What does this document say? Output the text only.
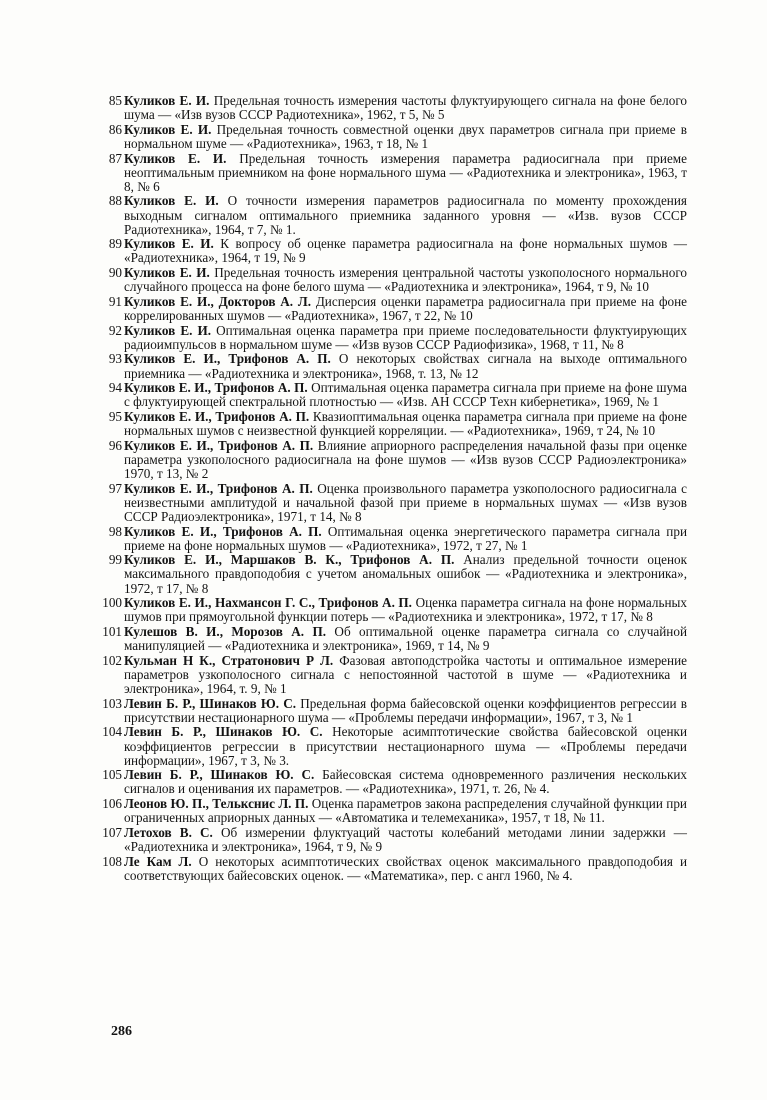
85 Куликов Е. И. Предельная точность измерения частоты флуктуирующего сигнала на фоне белого шума — «Изв вузов СССР Радиотехника», 1962, т 5, № 5
86 Куликов Е. И. Предельная точность совместной оценки двух параметров сигнала при приеме в нормальном шуме — «Радиотехника», 1963, т 18, № 1
87 Куликов Е. И. Предельная точность измерения параметра радиосигнала при приеме неоптимальным приемником на фоне нормального шума — «Радиотехника и электроника», 1963, т 8, № 6
88 Куликов Е. И. О точности измерения параметров радиосигнала по моменту прохождения выходным сигналом оптимального приемника заданного уровня — «Изв. вузов СССР Радиотехника», 1964, т 7, № 1.
89 Куликов Е. И. К вопросу об оценке параметра радиосигнала на фоне нормальных шумов — «Радиотехника», 1964, т 19, № 9
90 Куликов Е. И. Предельная точность измерения центральной частоты узкополосного нормального случайного процесса на фоне белого шума — «Радиотехника и электроника», 1964, т 9, № 10
91 Куликов Е. И., Докторов А. Л. Дисперсия оценки параметра радиосигнала при приеме на фоне коррелированных шумов — «Радиотехника», 1967, т 22, № 10
92 Куликов Е. И. Оптимальная оценка параметра при приеме последовательности флуктуирующих радиоимпульсов в нормальном шуме — «Изв вузов СССР Радиофизика», 1968, т 11, № 8
93 Куликов Е. И., Трифонов А. П. О некоторых свойствах сигнала на выходе оптимального приемника — «Радиотехника и электроника», 1968, т. 13, № 12
94 Куликов Е. И., Трифонов А. П. Оптимальная оценка параметра сигнала при приеме на фоне шума с флуктуирующей спектральной плотностью — «Изв. АН СССР Техн кибернетика», 1969, № 1
95 Куликов Е. И., Трифонов А. П. Квазиоптимальная оценка параметра сигнала при приеме на фоне нормальных шумов с неизвестной функцией корреляции. — «Радиотехника», 1969, т 24, № 10
96 Куликов Е. И., Трифонов А. П. Влияние априорного распределения начальной фазы при оценке параметра узкополосного радиосигнала на фоне шумов — «Изв вузов СССР Радиоэлектроника» 1970, т 13, № 2
97 Куликов Е. И., Трифонов А. П. Оценка произвольного параметра узкополосного радиосигнала с неизвестными амплитудой и начальной фазой при приеме в нормальных шумах — «Изв вузов СССР Радиоэлектроника», 1971, т 14, № 8
98 Куликов Е. И., Трифонов А. П. Оптимальная оценка энергетического параметра сигнала при приеме на фоне нормальных шумов — «Радиотехника», 1972, т 27, № 1
99 Куликов Е. И., Маршаков В. К., Трифонов А. П. Анализ предельной точности оценок максимального правдоподобия с учетом аномальных ошибок — «Радиотехника и электроника», 1972, т 17, № 8
100 Куликов Е. И., Нахмансон Г. С., Трифонов А. П. Оценка параметра сигнала на фоне нормальных шумов при прямоугольной функции потерь — «Радиотехника и электроника», 1972, т 17, № 8
101 Кулешов В. И., Морозов А. П. Об оптимальной оценке параметра сигнала со случайной манипуляцией — «Радиотехника и электроника», 1969, т 14, № 9
102 Кульман Н К., Стратонович Р Л. Фазовая автоподстройка частоты и оптимальное измерение параметров узкополосного сигнала с непостоянной частотой в шуме — «Радиотехника и электроника», 1964, т. 9, № 1
103 Левин Б. Р., Шинаков Ю. С. Предельная форма байесовской оценки коэффициентов регрессии в присутствии нестационарного шума — «Проблемы передачи информации», 1967, т 3, № 1
104 Левин Б. Р., Шинаков Ю. С. Некоторые асимптотические свойства байесовской оценки коэффициентов регрессии в присутствии нестационарного шума — «Проблемы передачи информации», 1967, т 3, № 3.
105 Левин Б. Р., Шинаков Ю. С. Байесовская система одновременного различения нескольких сигналов и оценивания их параметров. — «Радиотехника», 1971, т. 26, № 4.
106 Леонов Ю. П., Телькснис Л. П. Оценка параметров закона распределения случайной функции при ограниченных априорных данных — «Автоматика и телемеханика», 1957, т 18, № 11.
107 Летохов В. С. Об измерении флуктуаций частоты колебаний методами линии задержки — «Радиотехника и электроника», 1964, т 9, № 9
108 Ле Кам Л. О некоторых асимптотических свойствах оценок максимального правдоподобия и соответствующих байесовских оценок. — «Математика», пер. с англ 1960, № 4.
286
